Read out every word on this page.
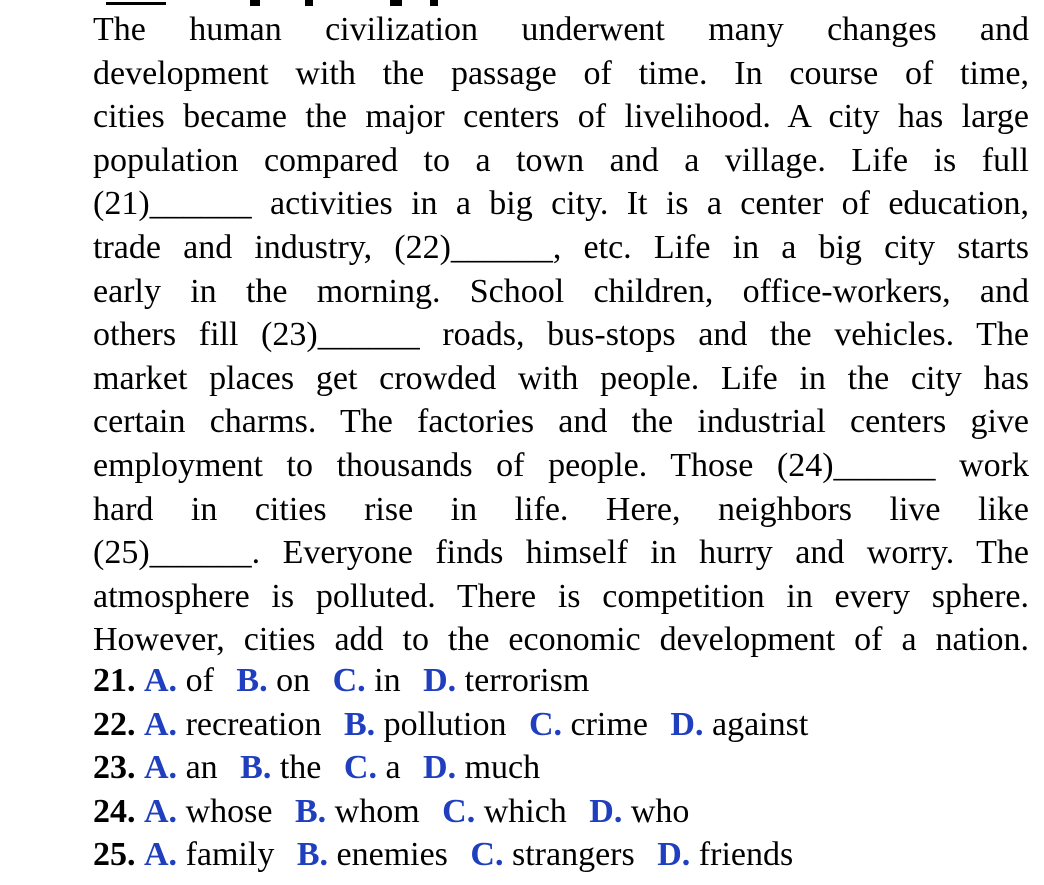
The human civilization underwent many changes and
development with the passage of time. In course of time,
cities became the major centers of livelihood. A city has large
population compared to a town and a village. Life is full
(21)______ activities in a big city. It is a center of education,
trade and industry, (22)______, etc. Life in a big city starts
early in the morning. School children, office-workers, and
others fill (23)______ roads, bus-stops and the vehicles. The
market places get crowded with people. Life in the city has
certain charms. The factories and the industrial centers give
employment to thousands of people. Those (24)______ work
hard in cities rise in life. Here, neighbors live like
(25)______. Everyone finds himself in hurry and worry. The
atmosphere is polluted. There is competition in every sphere.
However, cities add to the economic development of a nation.
21. A. of B. on C. in D. terrorism
22. A. recreation B. pollution C. crime D. against
23. A. an B. the C. a D. much
24. A. whose B. whom C. which D. who
25. A. family B. enemies C. strangers D. friends
